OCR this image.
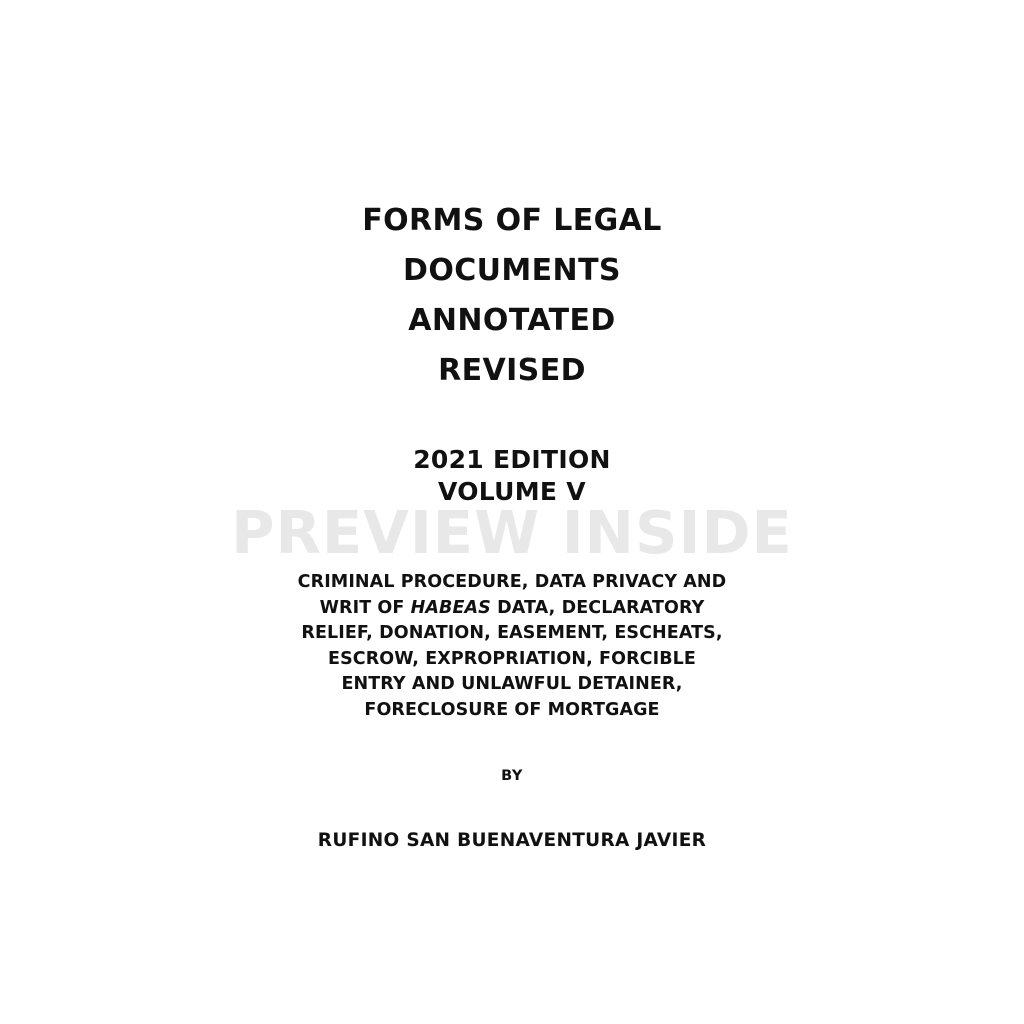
PREVIEW INSIDE
FORMS OF LEGAL
DOCUMENTS
ANNOTATED
REVISED
2021 EDITION
VOLUME V
CRIMINAL PROCEDURE, DATA PRIVACY AND
WRIT OF HABEAS DATA, DECLARATORY
RELIEF, DONATION, EASEMENT, ESCHEATS,
ESCROW, EXPROPRIATION, FORCIBLE
ENTRY AND UNLAWFUL DETAINER,
FORECLOSURE OF MORTGAGE
BY
RUFINO SAN BUENAVENTURA JAVIER
